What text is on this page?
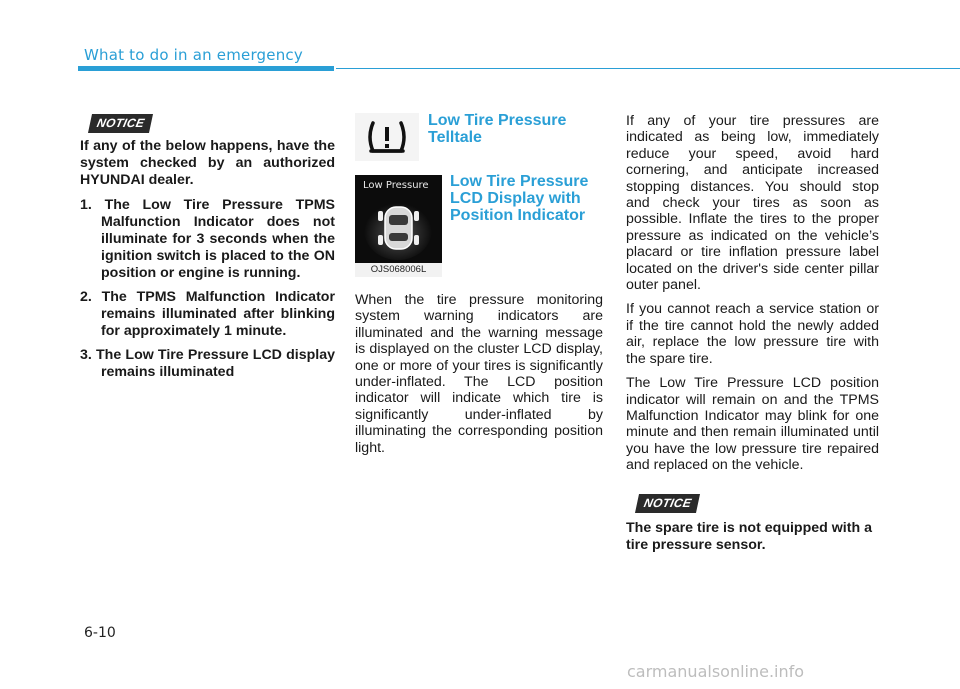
What to do in an emergency
NOTICE

If any of the below happens, have the system checked by an authorized HYUNDAI dealer.

1. The Low Tire Pressure TPMS Malfunction Indicator does not illuminate for 3 seconds when the ignition switch is placed to the ON position or engine is running.

2. The TPMS Malfunction Indicator remains illuminated after blinking for approximately 1 minute.

3. The Low Tire Pressure LCD display remains illuminated

Low Tire Pressure Telltale
Low Pressure
OJS068006L
Low Tire Pressure LCD Display with Position Indicator
When the tire pressure monitoring system warning indicators are illuminated and the warning message is displayed on the cluster LCD display, one or more of your tires is significantly under-inflated. The LCD position indicator will indicate which tire is significantly under-inflated by illuminating the corresponding position light.

If any of your tire pressures are indicated as being low, immediately reduce your speed, avoid hard cornering, and anticipate increased stopping distances. You should stop and check your tires as soon as possible. Inflate the tires to the proper pressure as indicated on the vehicle’s placard or tire inflation pressure label located on the driver's side center pillar outer panel.

If you cannot reach a service station or if the tire cannot hold the newly added air, replace the low pressure tire with the spare tire.

The Low Tire Pressure LCD position indicator will remain on and the TPMS Malfunction Indicator may blink for one minute and then remain illuminated until you have the low pressure tire repaired and replaced on the vehicle.

NOTICE
The spare tire is not equipped with a tire pressure sensor.
6-10
carmanualsonline.info
